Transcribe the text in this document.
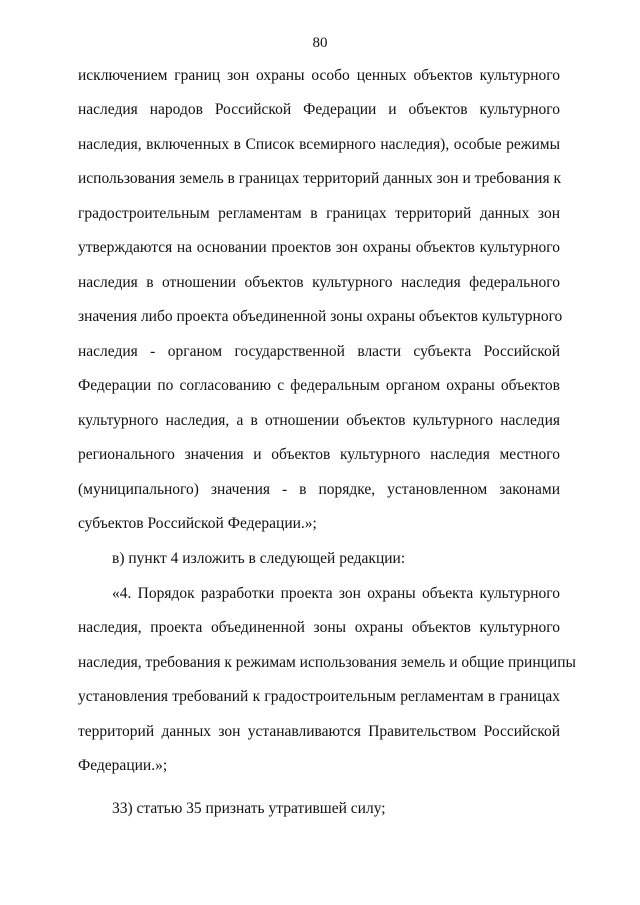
80
исключением границ зон охраны особо ценных объектов культурного
наследия народов Российской Федерации и объектов культурного
наследия, включенных в Список всемирного наследия), особые режимы
использования земель в границах территорий данных зон и требования к
градостроительным регламентам в границах территорий данных зон
утверждаются на основании проектов зон охраны объектов культурного
наследия в отношении объектов культурного наследия федерального
значения либо проекта объединенной зоны охраны объектов культурного
наследия - органом государственной власти субъекта Российской
Федерации по согласованию с федеральным органом охраны объектов
культурного наследия, а в отношении объектов культурного наследия
регионального значения и объектов культурного наследия местного
(муниципального) значения - в порядке, установленном законами
субъектов Российской Федерации.»;
в) пункт 4 изложить в следующей редакции:
«4. Порядок разработки проекта зон охраны объекта культурного
наследия, проекта объединенной зоны охраны объектов культурного
наследия, требования к режимам использования земель и общие принципы
установления требований к градостроительным регламентам в границах
территорий данных зон устанавливаются Правительством Российской
Федерации.»;
33) статью 35 признать утратившей силу;
